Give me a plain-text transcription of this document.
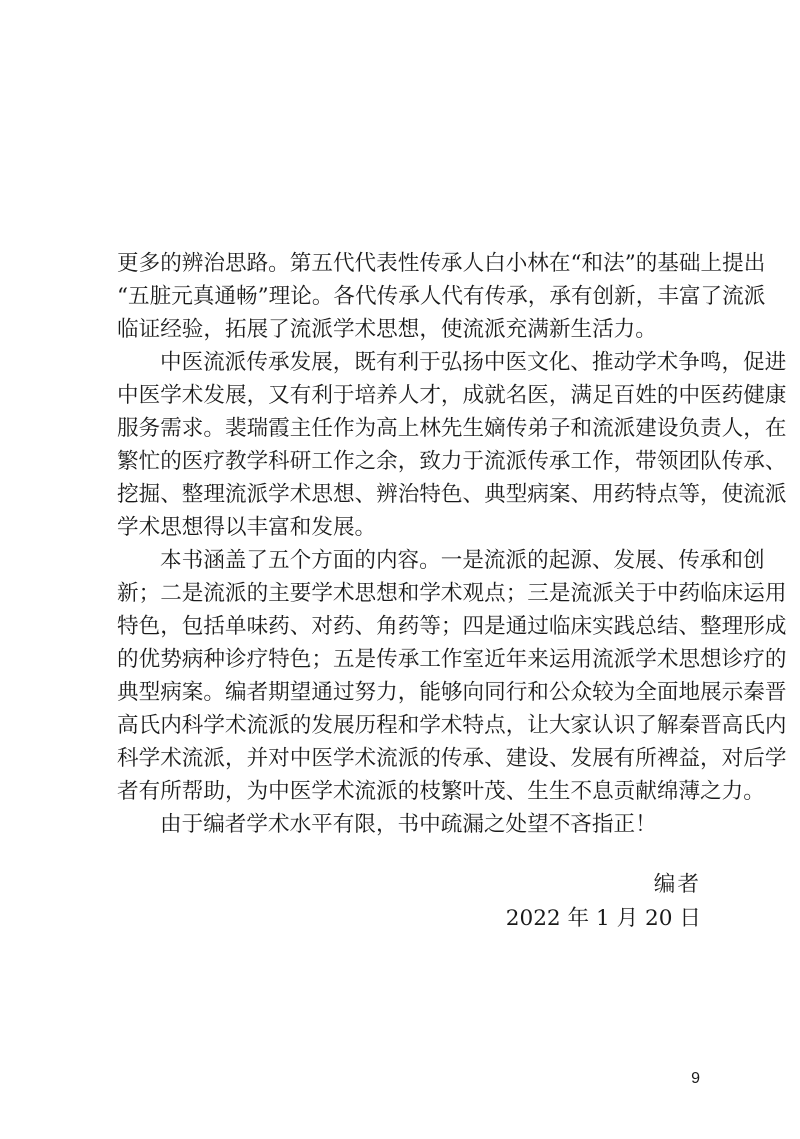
更多的辨治思路。第五代代表性传承人白小林在“和法”的基础上提出
“五脏元真通畅”理论。各代传承人代有传承，承有创新，丰富了流派
临证经验，拓展了流派学术思想，使流派充满新生活力。
中医流派传承发展，既有利于弘扬中医文化、推动学术争鸣，促进
中医学术发展，又有利于培养人才，成就名医，满足百姓的中医药健康
服务需求。裴瑞霞主任作为高上林先生嫡传弟子和流派建设负责人，在
繁忙的医疗教学科研工作之余，致力于流派传承工作，带领团队传承、
挖掘、整理流派学术思想、辨治特色、典型病案、用药特点等，使流派
学术思想得以丰富和发展。
本书涵盖了五个方面的内容。一是流派的起源、发展、传承和创
新；二是流派的主要学术思想和学术观点；三是流派关于中药临床运用
特色，包括单味药、对药、角药等；四是通过临床实践总结、整理形成
的优势病种诊疗特色；五是传承工作室近年来运用流派学术思想诊疗的
典型病案。编者期望通过努力，能够向同行和公众较为全面地展示秦晋
高氏内科学术流派的发展历程和学术特点，让大家认识了解秦晋高氏内
科学术流派，并对中医学术流派的传承、建设、发展有所裨益，对后学
者有所帮助，为中医学术流派的枝繁叶茂、生生不息贡献绵薄之力。
由于编者学术水平有限，书中疏漏之处望不吝指正！
编者
2022 年 1 月 20 日
9
